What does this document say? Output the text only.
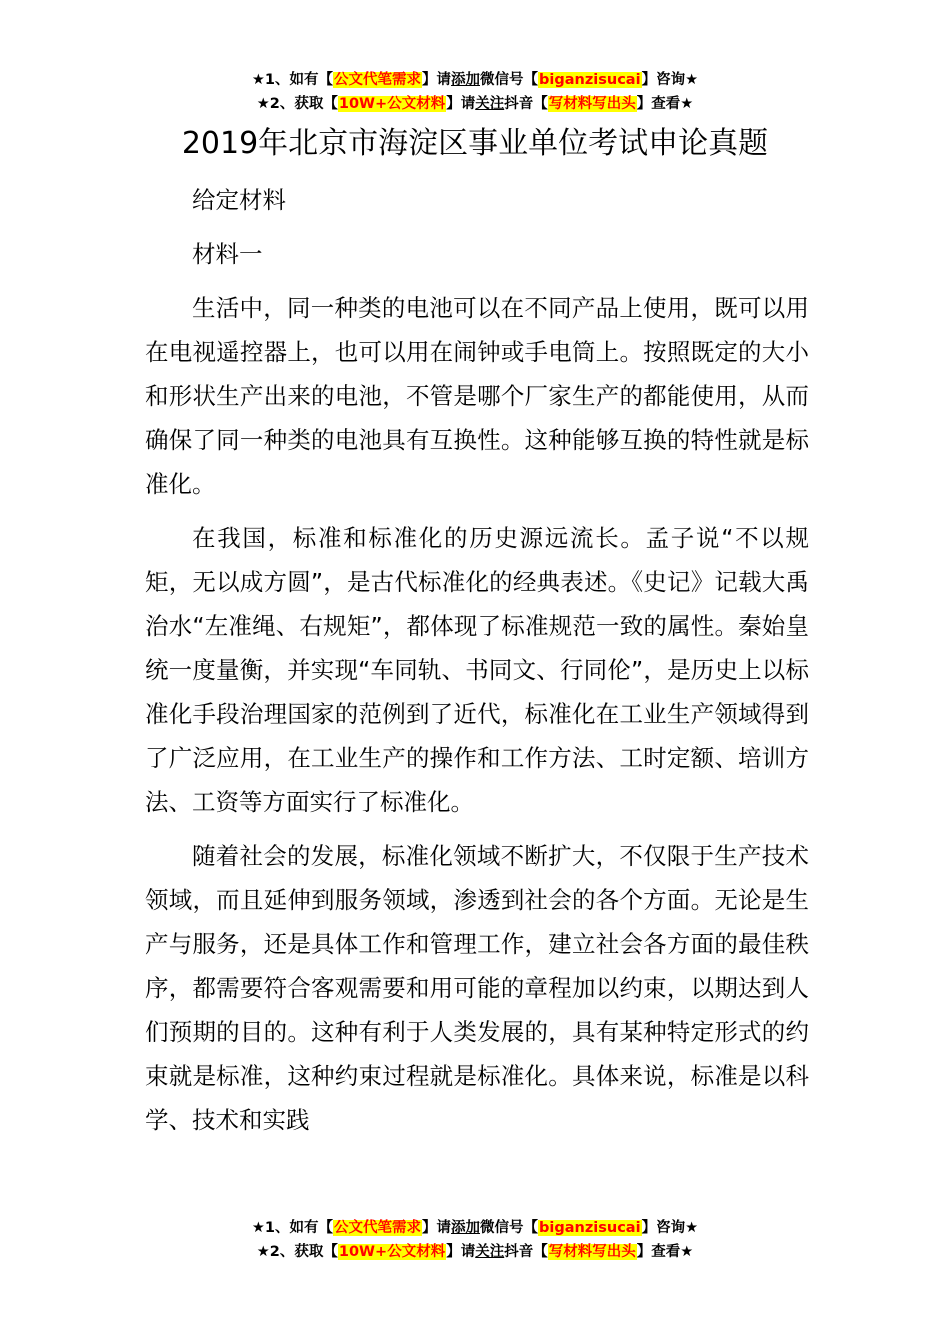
★1、如有【公文代笔需求】请添加微信号【biganzisucai】咨询★
★2、获取【10W+公文材料】请关注抖音【写材料写出头】查看★
2019年北京市海淀区事业单位考试申论真题

给定材料

材料一

生活中，同一种类的电池可以在不同产品上使用，既可以用在电视遥控器上，也可以用在闹钟或手电筒上。按照既定的大小和形状生产出来的电池，不管是哪个厂家生产的都能使用，从而确保了同一种类的电池具有互换性。这种能够互换的特性就是标准化。

在我国，标准和标准化的历史源远流长。孟子说“不以规矩，无以成方圆”，是古代标准化的经典表述。《史记》记载大禹治水“左准绳、右规矩”，都体现了标准规范一致的属性。秦始皇统一度量衡，并实现“车同轨、书同文、行同伦”，是历史上以标准化手段治理国家的范例到了近代，标准化在工业生产领域得到了广泛应用，在工业生产的操作和工作方法、工时定额、培训方法、工资等方面实行了标准化。

随着社会的发展，标准化领域不断扩大，不仅限于生产技术领域，而且延伸到服务领域，渗透到社会的各个方面。无论是生产与服务，还是具体工作和管理工作，建立社会各方面的最佳秩序，都需要符合客观需要和用可能的章程加以约束，以期达到人们预期的目的。这种有利于人类发展的，具有某种特定形式的约束就是标准，这种约束过程就是标准化。具体来说，标准是以科学、技术和实践

★1、如有【公文代笔需求】请添加微信号【biganzisucai】咨询★
★2、获取【10W+公文材料】请关注抖音【写材料写出头】查看★
